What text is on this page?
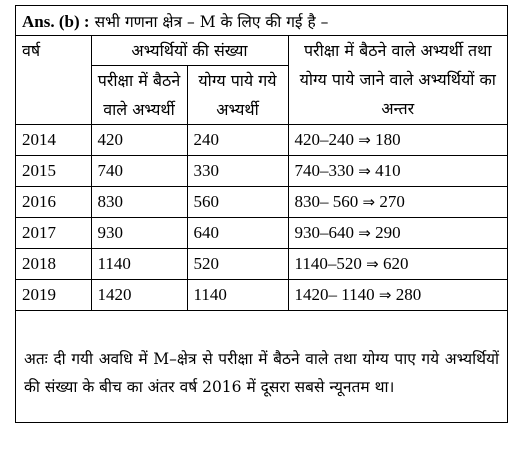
Ans. (b) : सभी गणना क्षेत्र – M के लिए की गई है –
वर्ष	अभ्यर्थियों की संख्या		परीक्षा में बैठने वाले अभ्यर्थी तथा योग्य पाये जाने वाले अभ्यर्थियों का अन्तर
	परीक्षा में बैठने वाले अभ्यर्थी	योग्य पाये गये अभ्यर्थी	
2014	420	240	420–240 ⇒ 180
2015	740	330	740–330 ⇒ 410
2016	830	560	830– 560 ⇒ 270
2017	930	640	930–640 ⇒ 290
2018	1140	520	1140–520 ⇒ 620
2019	1420	1140	1420– 1140 ⇒ 280
अतः दी गयी अवधि में M–क्षेत्र से परीक्षा में बैठने वाले तथा योग्य पाए गये अभ्यर्थियों की संख्या के बीच का अंतर वर्ष 2016 में दूसरा सबसे न्यूनतम था।
